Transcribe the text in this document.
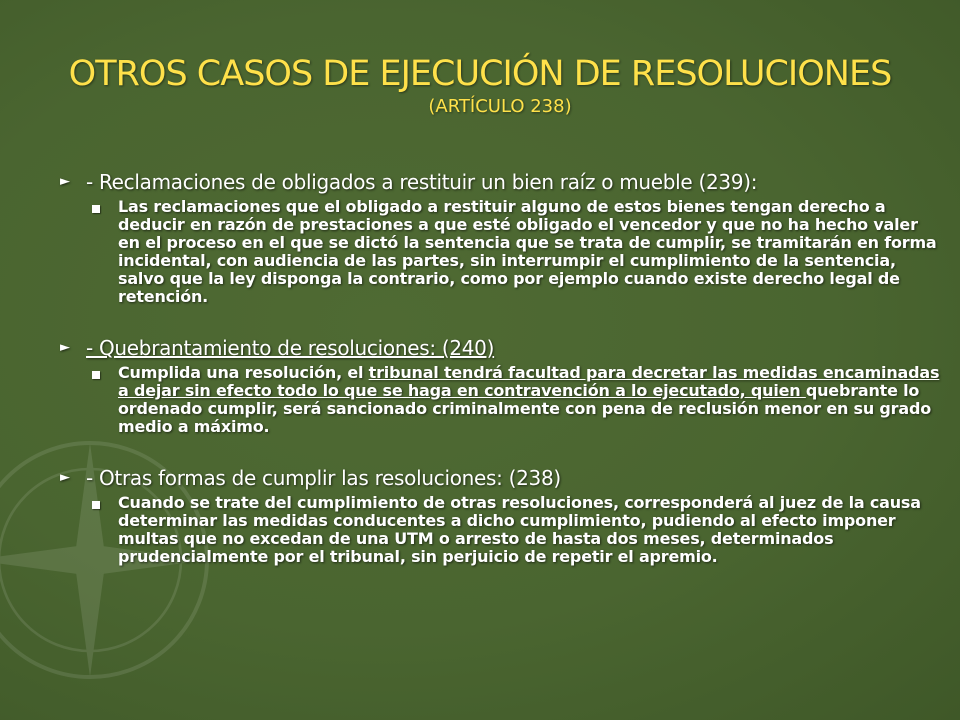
OTROS CASOS DE EJECUCIÓN DE RESOLUCIONES
(ARTÍCULO 238)
► - Reclamaciones de obligados a restituir un bien raíz o mueble (239):

Las reclamaciones que el obligado a restituir alguno de estos bienes tengan derecho a deducir en razón de prestaciones a que esté obligado el vencedor y que no ha hecho valer en el proceso en el que se dictó la sentencia que se trata de cumplir, se tramitarán en forma incidental, con audiencia de las partes, sin interrumpir el cumplimiento de la sentencia, salvo que la ley disponga la contrario, como por ejemplo cuando existe derecho legal de retención.

► - Quebrantamiento de resoluciones: (240)

Cumplida una resolución, el tribunal tendrá facultad para decretar las medidas encaminadas a dejar sin efecto todo lo que se haga en contravención a lo ejecutado, quien quebrante lo ordenado cumplir, será sancionado criminalmente con pena de reclusión menor en su grado medio a máximo.

► - Otras formas de cumplir las resoluciones: (238)

Cuando se trate del cumplimiento de otras resoluciones, corresponderá al juez de la causa determinar las medidas conducentes a dicho cumplimiento, pudiendo al efecto imponer multas que no excedan de una UTM o arresto de hasta dos meses, determinados prudencialmente por el tribunal, sin perjuicio de repetir el apremio.
